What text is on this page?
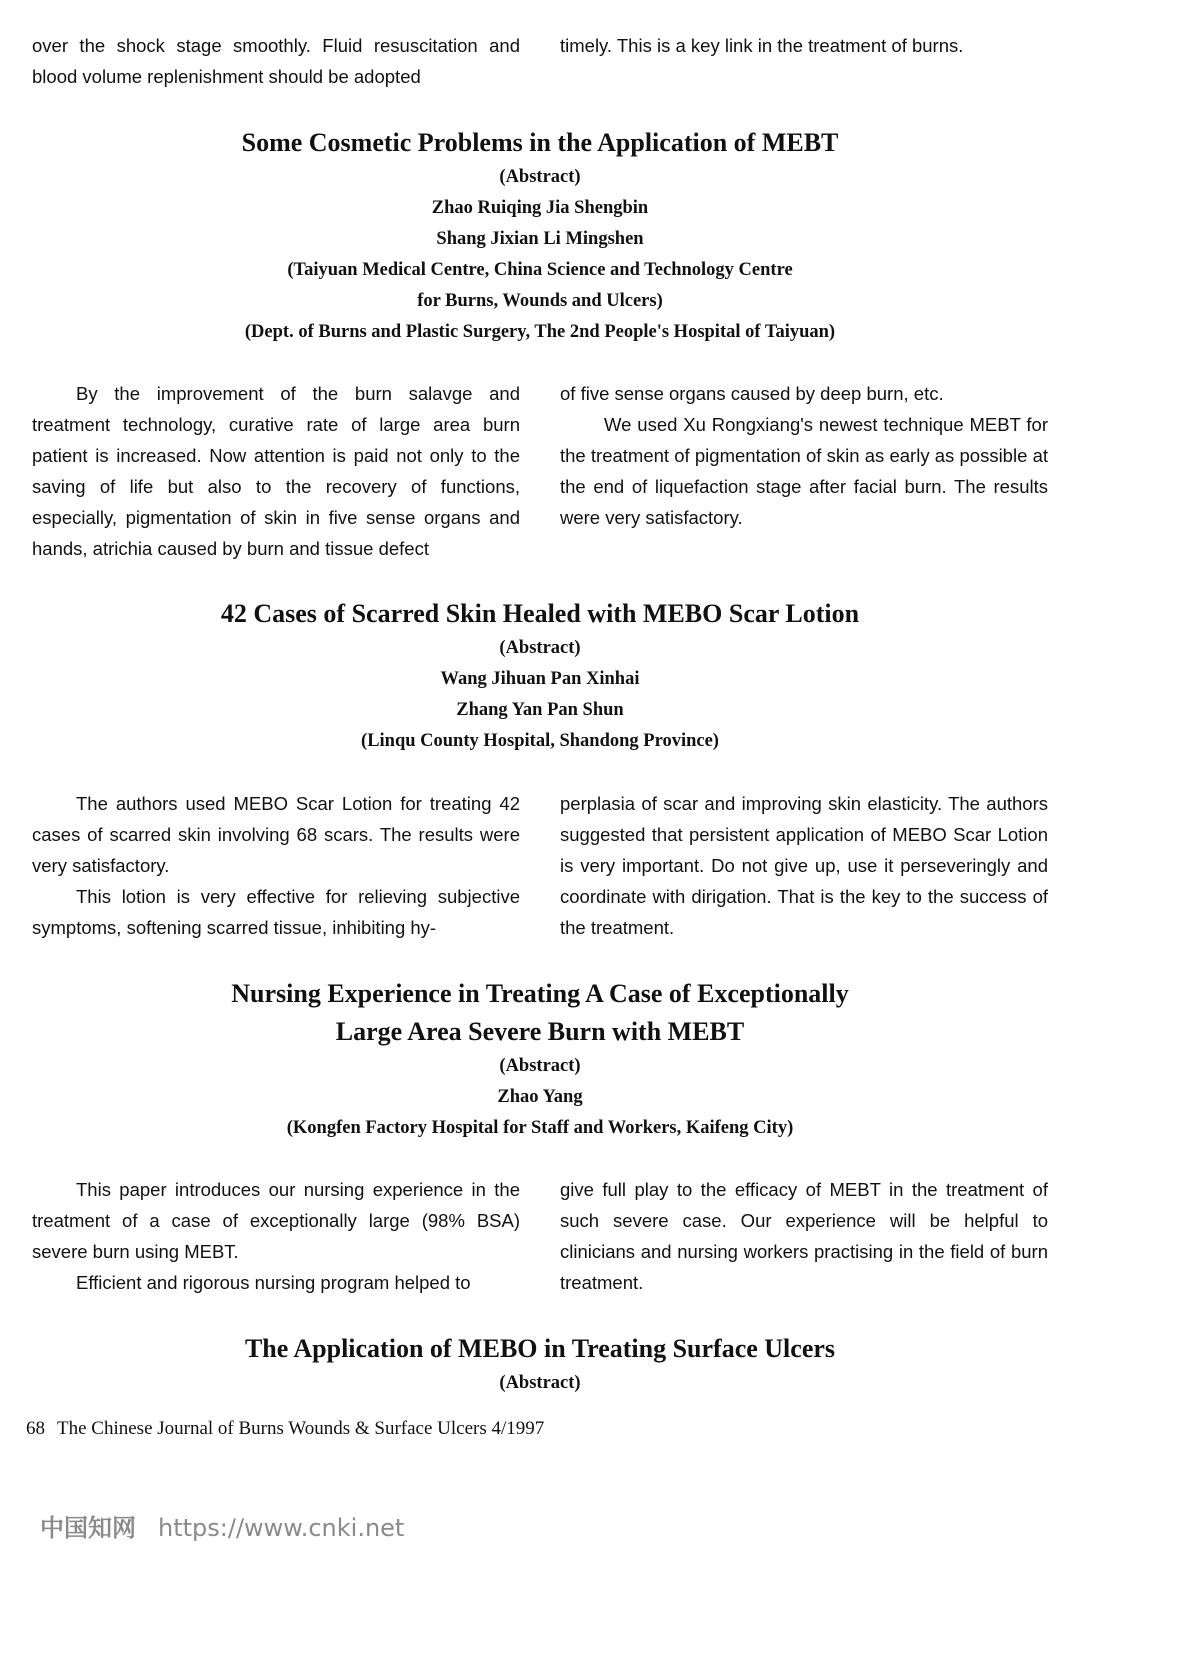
over the shock stage smoothly. Fluid resuscitation and blood volume replenishment should be adopted

timely. This is a key link in the treatment of burns.

Some Cosmetic Problems in the Application of MEBT
(Abstract)
Zhao Ruiqing Jia Shengbin
Shang Jixian Li Mingshen
(Taiyuan Medical Centre, China Science and Technology Centre
for Burns, Wounds and Ulcers)
(Dept. of Burns and Plastic Surgery, The 2nd People's Hospital of Taiyuan)

By the improvement of the burn salavge and treatment technology, curative rate of large area burn patient is increased. Now attention is paid not only to the saving of life but also to the recovery of functions, especially, pigmentation of skin in five sense organs and hands, atrichia caused by burn and tissue defect

of five sense organs caused by deep burn, etc.

We used Xu Rongxiang's newest technique MEBT for the treatment of pigmentation of skin as early as possible at the end of liquefaction stage after facial burn. The results were very satisfactory.

42 Cases of Scarred Skin Healed with MEBO Scar Lotion
(Abstract)
Wang Jihuan Pan Xinhai
Zhang Yan Pan Shun
(Linqu County Hospital, Shandong Province)

The authors used MEBO Scar Lotion for treating 42 cases of scarred skin involving 68 scars. The results were very satisfactory.

This lotion is very effective for relieving subjective symptoms, softening scarred tissue, inhibiting hy-

perplasia of scar and improving skin elasticity. The authors suggested that persistent application of MEBO Scar Lotion is very important. Do not give up, use it perseveringly and coordinate with dirigation. That is the key to the success of the treatment.

Nursing Experience in Treating A Case of Exceptionally
Large Area Severe Burn with MEBT
(Abstract)
Zhao Yang
(Kongfen Factory Hospital for Staff and Workers, Kaifeng City)

This paper introduces our nursing experience in the treatment of a case of exceptionally large (98% BSA) severe burn using MEBT.

Efficient and rigorous nursing program helped to

give full play to the efficacy of MEBT in the treatment of such severe case. Our experience will be helpful to clinicians and nursing workers practising in the field of burn treatment.

The Application of MEBO in Treating Surface Ulcers
(Abstract)
68 The Chinese Journal of Burns Wounds & Surface Ulcers 4/1997
中国知网 https://www.cnki.net
